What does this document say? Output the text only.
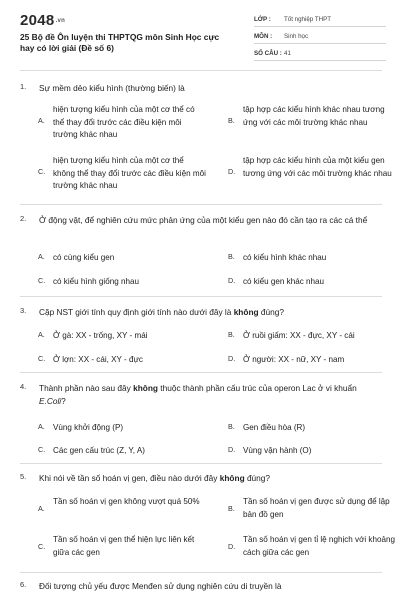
2048.vn
25 Bộ đề Ôn luyện thi THPTQG môn Sinh Học cực hay có lời giải (Đề số 6)
LỚP : Tốt nghiệp THPT
MÔN : Sinh học
SỐ CÂU : 41
1. Sự mềm dẻo kiểu hình (thường biến) là
A.
hiện tượng kiểu hình của một cơ thể có thể thay đổi trước các điều kiện môi trường khác nhau
B.
tập hợp các kiểu hình khác nhau tương ứng với các môi trường khác nhau
C.
hiện tượng kiểu hình của một cơ thể không thể thay đổi trước các điều kiện môi trường khác nhau
D.
tập hợp các kiểu hình của một kiểu gen tương ứng với các môi trường khác nhau
2. Ở động vật, để nghiên cứu mức phản ứng của một kiểu gen nào đó cần tạo ra các cá thể
A. có cùng kiểu gen	B. có kiểu hình khác nhau
C. có kiểu hình giống nhau	D. có kiểu gen khác nhau
3. Cặp NST giới tính quy định giới tính nào dưới đây là không đúng?
A. Ở gà: XX - trống, XY - mái	B. Ở ruồi giấm: XX - đực, XY - cái
C. Ở lợn: XX - cái, XY - đực	D. Ở người: XX - nữ, XY - nam
4. Thành phần nào sau đây không thuộc thành phần cấu trúc của operon Lac ở vi khuẩn E.Coli?
A. Vùng khởi động (P)	B. Gen điều hòa (R)
C. Các gen cấu trúc (Z, Y, A)	D. Vùng vận hành (O)
5. Khi nói về tần số hoán vị gen, điều nào dưới đây không đúng?
A.
Tần số hoán vị gen không vượt quá 50%
B.
Tần số hoán vị gen được sử dụng để lập bản đồ gen
C.
Tần số hoán vị gen thể hiện lực liên kết giữa các gen
D.
Tần số hoán vị gen tỉ lệ nghịch với khoảng cách giữa các gen
6. Đối tượng chủ yếu được Menđen sử dụng nghiên cứu di truyền là
